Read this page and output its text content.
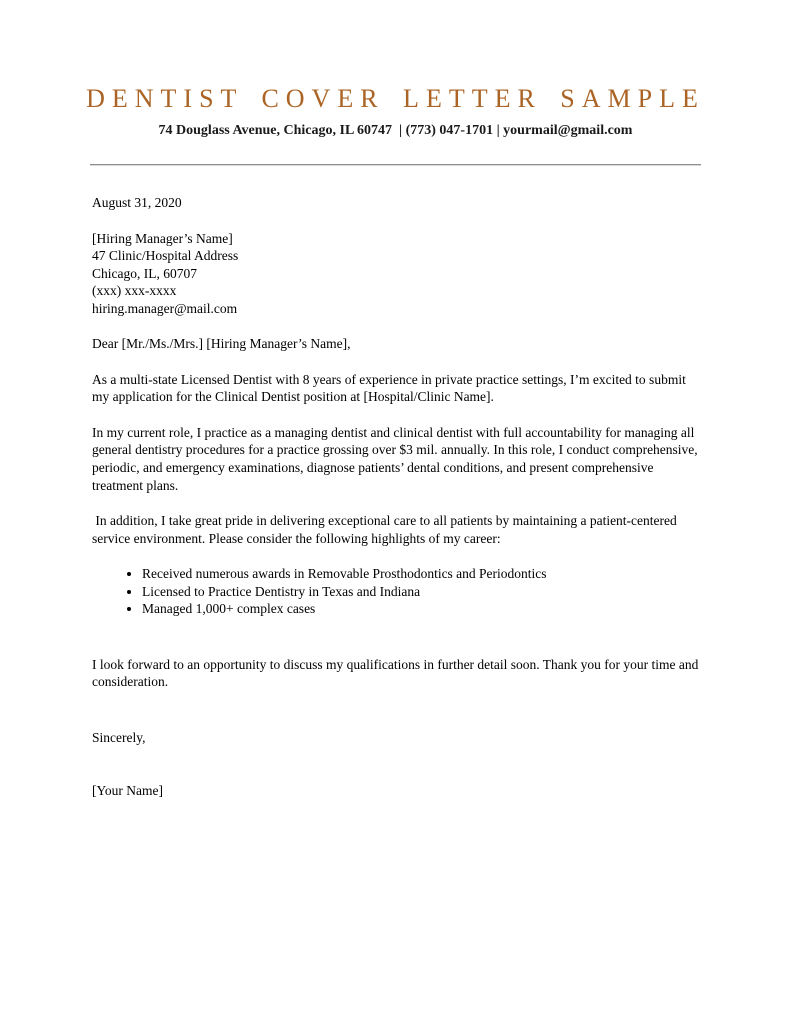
DENTIST COVER LETTER SAMPLE
74 Douglass Avenue, Chicago, IL 60747  | (773) 047-1701 | yourmail@gmail.com
August 31, 2020
[Hiring Manager’s Name]
47 Clinic/Hospital Address
Chicago, IL, 60707
(xxx) xxx-xxxx
hiring.manager@mail.com
Dear [Mr./Ms./Mrs.] [Hiring Manager’s Name],

As a multi-state Licensed Dentist with 8 years of experience in private practice settings, I’m excited to submit my application for the Clinical Dentist position at [Hospital/Clinic Name].

In my current role, I practice as a managing dentist and clinical dentist with full accountability for managing all general dentistry procedures for a practice grossing over $3 mil. annually. In this role, I conduct comprehensive, periodic, and emergency examinations, diagnose patients’ dental conditions, and present comprehensive treatment plans.

In addition, I take great pride in delivering exceptional care to all patients by maintaining a patient-centered service environment. Please consider the following highlights of my career:

• Received numerous awards in Removable Prosthodontics and Periodontics
• Licensed to Practice Dentistry in Texas and Indiana
• Managed 1,000+ complex cases

I look forward to an opportunity to discuss my qualifications in further detail soon. Thank you for your time and consideration.

Sincerely,
[Your Name]
